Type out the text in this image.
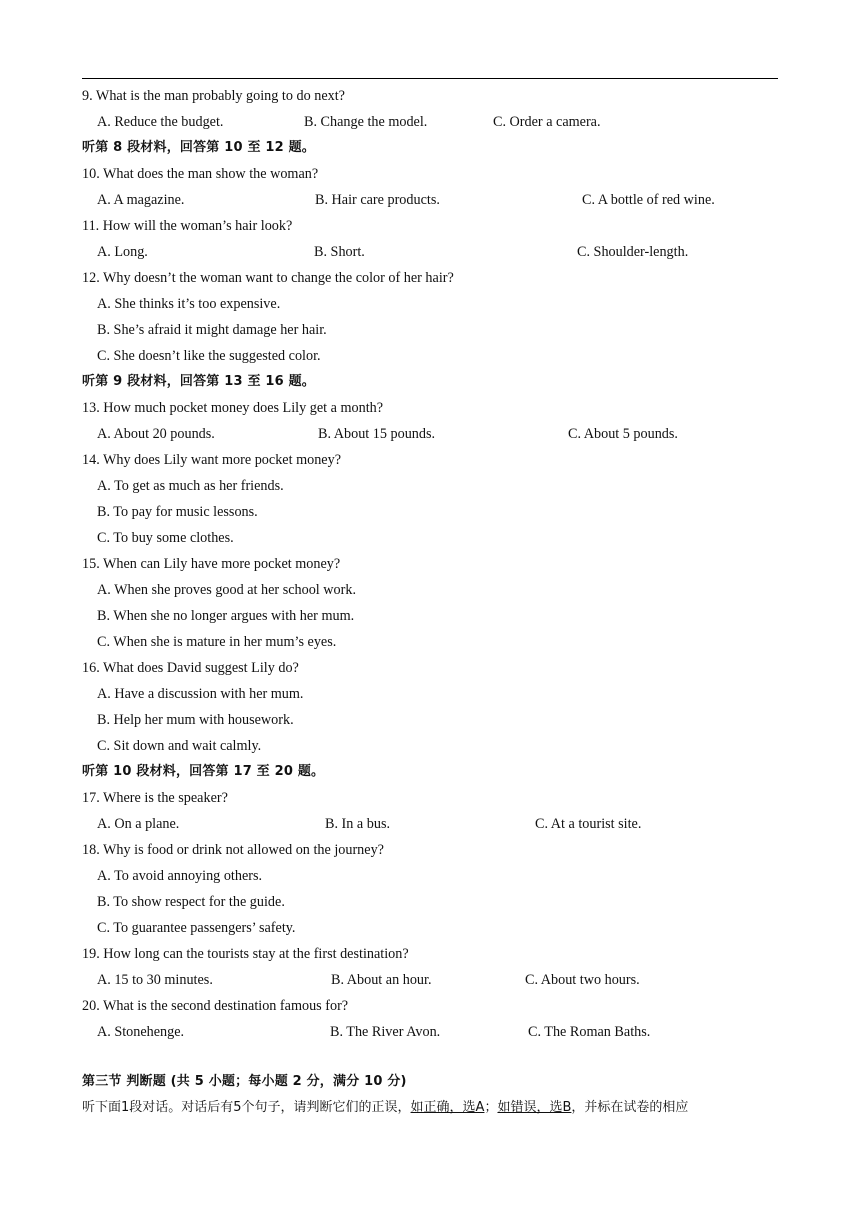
9. What is the man probably going to do next?
A. Reduce the budget.	B. Change the model.	C. Order a camera.
听第 8 段材料，回答第 10 至 12 题。
10. What does the man show the woman?
A. A magazine.	B. Hair care products.	C. A bottle of red wine.
11. How will the woman’s hair look?
A. Long.	B. Short.	C. Shoulder-length.
12. Why doesn’t the woman want to change the color of her hair?
A. She thinks it’s too expensive.
B. She’s afraid it might damage her hair.
C. She doesn’t like the suggested color.
听第 9 段材料，回答第 13 至 16 题。
13. How much pocket money does Lily get a month?
A. About 20 pounds.	B. About 15 pounds.	C. About 5 pounds.
14. Why does Lily want more pocket money?
A. To get as much as her friends.
B. To pay for music lessons.
C. To buy some clothes.
15. When can Lily have more pocket money?
A. When she proves good at her school work.
B. When she no longer argues with her mum.
C. When she is mature in her mum’s eyes.
16. What does David suggest Lily do?
A. Have a discussion with her mum.
B. Help her mum with housework.
C. Sit down and wait calmly.
听第 10 段材料，回答第 17 至 20 题。
17. Where is the speaker?
A. On a plane.	B. In a bus.	C. At a tourist site.
18. Why is food or drink not allowed on the journey?
A. To avoid annoying others.
B. To show respect for the guide.
C. To guarantee passengers’ safety.
19. How long can the tourists stay at the first destination?
A. 15 to 30 minutes.	B. About an hour.	C. About two hours.
20. What is the second destination famous for?
A. Stonehenge.	B. The River Avon.	C. The Roman Baths.
第三节 判断题 (共 5 小题；每小题 2 分，满分 10 分)
听下面1段对话。对话后有5个句子，请判断它们的正误，如正确，选A；如错误，选B，并标在试卷的相应
